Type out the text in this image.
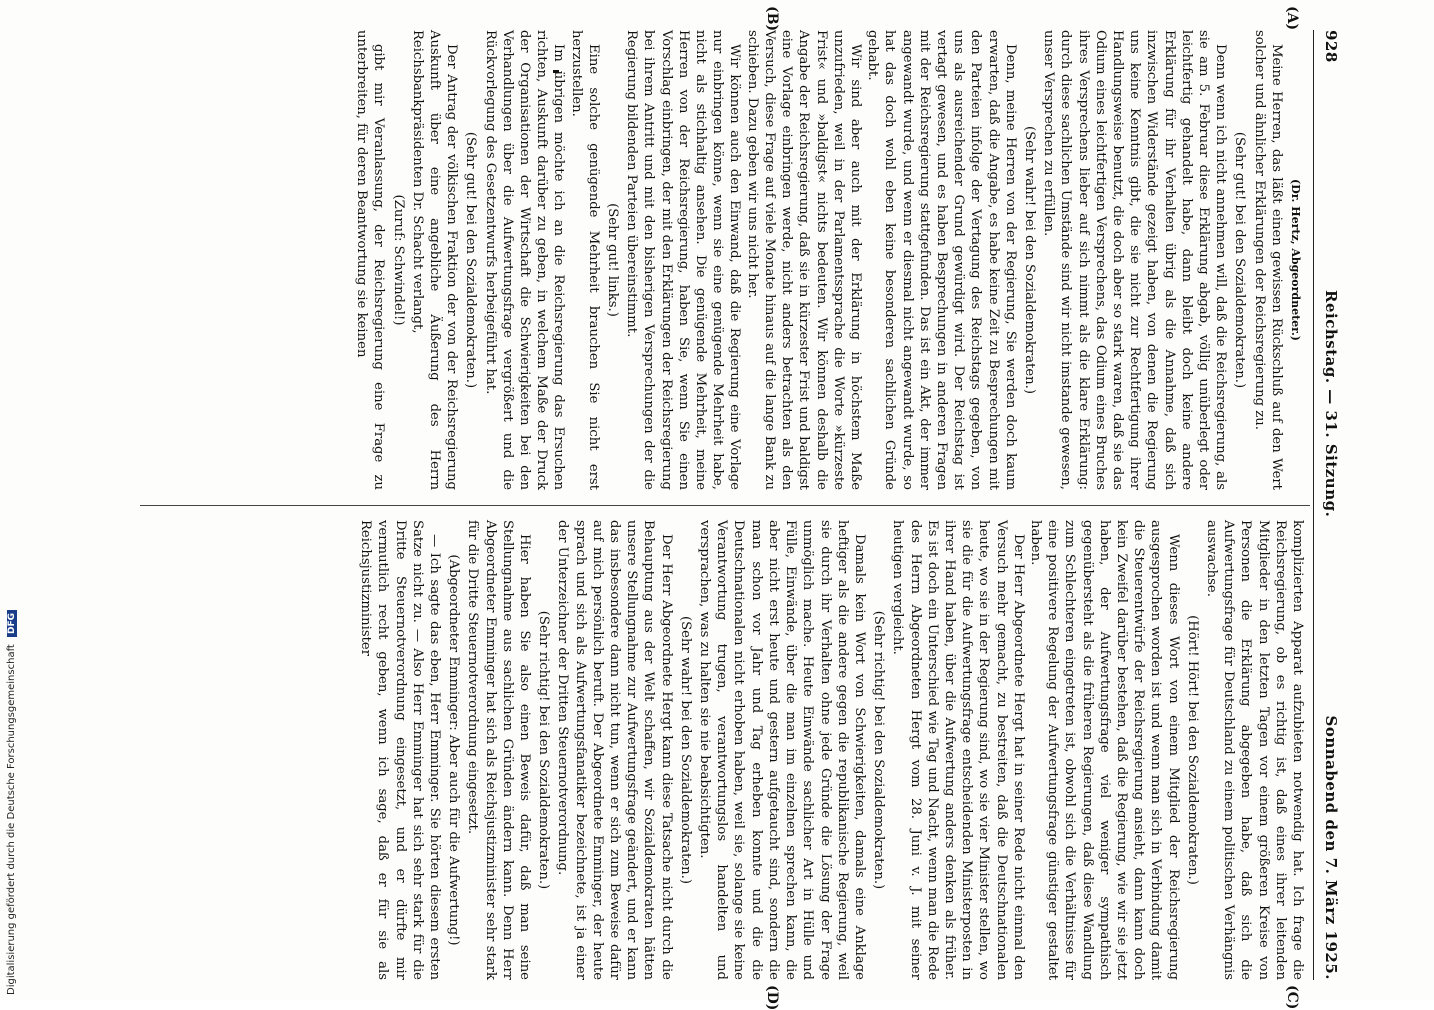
928
Reichstag. — 31. Sitzung.
Sonnabend den 7. März 1925.
(A)
(B)
(C)
(D)

(Dr. Hertz, Abgeordneter.)

Meine Herren, das läßt einen gewissen Rückschluß auf den Wert solcher und ähnlicher Erklärungen der Reichsregierung zu.

(Sehr gut! bei den Sozialdemokraten.)

Denn wenn ich nicht annehmen will, daß die Reichsregierung, als sie am 5. Februar diese Erklärung abgab, völlig unüberlegt oder leichtfertig gehandelt habe, dann bleibt doch keine andere Erklärung für ihr Verhalten übrig als die Annahme, daß sich inzwischen Widerstände gezeigt haben, von denen die Regierung uns keine Kenntnis gibt, die sie nicht zur Rechtfertigung ihrer Handlungsweise benutzt, die doch aber so stark waren, daß sie das Odium eines leichtfertigen Versprechens, das Odium eines Bruches ihres Versprechens lieber auf sich nimmt als die klare Erklärung: durch diese sachlichen Umstände sind wir nicht imstande gewesen, unser Versprechen zu erfüllen.

(Sehr wahr! bei den Sozialdemokraten.)

Denn, meine Herren von der Regierung, Sie werden doch kaum erwarten, daß die Angabe, es habe keine Zeit zu Besprechungen mit den Parteien infolge der Vertagung des Reichstags gegeben, von uns als ausreichender Grund gewürdigt wird. Der Reichstag ist vertagt gewesen, und es haben Besprechungen in anderen Fragen mit der Reichsregierung stattgefunden. Das ist ein Akt, der immer angewandt wurde, und wenn er diesmal nicht angewandt wurde, so hat das doch wohl eben keine besonderen sachlichen Gründe gehabt.

Wir sind aber auch mit der Erklärung in höchstem Maße unzufrieden, weil in der Parlamentssprache die Worte »kürzeste Frist« und »baldigst« nichts bedeuten. Wir können deshalb die Angabe der Reichsregierung, daß sie in kürzester Frist und baldigst eine Vorlage einbringen werde, nicht anders betrachten als den Versuch, diese Frage auf viele Monate hinaus auf die lange Bank zu schieben. Dazu geben wir uns nicht her.

Wir können auch den Einwand, daß die Regierung eine Vorlage nur einbringen könne, wenn sie eine genügende Mehrheit habe, nicht als stichhaltig ansehen. Die genügende Mehrheit, meine Herren von der Reichsregierung, haben Sie, wenn Sie einen Vorschlag einbringen, der mit den Erklärungen der Reichsregierung bei ihrem Antritt und mit den bisherigen Versprechungen der die Regierung bildenden Parteien übereinstimmt.

(Sehr gut! links.)

Eine solche genügende Mehrheit brauchen Sie nicht erst herzustellen.

Im übrigen möchte ich an die Reichsregierung das Ersuchen richten, Auskunft darüber zu geben, in welchem Maße der Druck der Organisationen der Wirtschaft die Schwierigkeiten bei den Verhandlungen über die Aufwertungsfrage vergrößert und die Rückvorlegung des Gesetzentwurfs herbeigeführt hat.

(Sehr gut! bei den Sozialdemokraten.)

Der Antrag der völkischen Fraktion der von der Reichsregierung Auskunft über eine angebliche Äußerung des Herrn Reichsbankpräsidenten Dr. Schacht verlangt,

(Zuruf: Schwindel!)

gibt mir Veranlassung, der Reichsregierung eine Frage zu unterbreiten, für deren Beantwortung sie keinen

komplizierten Apparat aufzubieten notwendig hat. Ich frage die Reichsregierung, ob es richtig ist, daß eines ihrer leitenden Mitglieder in den letzten Tagen vor einem größeren Kreise von Personen die Erklärung abgegeben habe, daß sich die Aufwertungsfrage für Deutschland zu einem politischen Verhängnis auswachse.

(Hört! Hört! bei den Sozialdemokraten.)

Wenn dieses Wort von einem Mitglied der Reichsregierung ausgesprochen worden ist und wenn man sich in Verbindung damit die Steuerentwürfe der Reichsregierung ansieht, dann kann doch kein Zweifel darüber bestehen, daß die Regierung, wie wir sie jetzt haben, der Aufwertungsfrage viel weniger sympathisch gegenübersteht als die früheren Regierungen, daß diese Wandlung zum Schlechteren eingetreten ist, obwohl sich die Verhältnisse für eine positivere Regelung der Aufwertungsfrage günstiger gestaltet haben.

Der Herr Abgeordnete Hergt hat in seiner Rede nicht einmal den Versuch mehr gemacht, zu bestreiten, daß die Deutschnationalen heute, wo sie in der Regierung sind, wo sie vier Minister stellen, wo sie die für die Aufwertungsfrage entscheidenden Ministerposten in ihrer Hand haben, über die Aufwertung anders denken als früher. Es ist doch ein Unterschied wie Tag und Nacht, wenn man die Rede des Herrn Abgeordneten Hergt vom 28. Juni v. J. mit seiner heutigen vergleicht.

(Sehr richtig! bei den Sozialdemokraten.)

Damals kein Wort von Schwierigkeiten, damals eine Anklage heftiger als die andere gegen die republikanische Regierung, weil sie durch ihr Verhalten ohne jede Gründe die Lösung der Frage unmöglich mache. Heute Einwände sachlicher Art in Hülle und Fülle, Einwände, über die man im einzelnen sprechen kann, die aber nicht erst heute und gestern aufgetaucht sind, sondern die man schon vor Jahr und Tag erheben konnte und die die Deutschnationalen nicht erhoben haben, weil sie, solange sie keine Verantwortung trugen, verantwortungslos handelten und versprachen, was zu halten sie nie beabsichtigten.

(Sehr wahr! bei den Sozialdemokraten.)

Der Herr Abgeordnete Hergt kann diese Tatsache nicht durch die Behauptung aus der Welt schaffen, wir Sozialdemokraten hätten unsere Stellungnahme zur Aufwertungsfrage geändert, und er kann das insbesondere dann nicht tun, wenn er sich zum Beweise dafür auf mich persönlich beruft. Der Abgeordnete Emminger, der heute sprach und sich als Aufwertungsfanatiker bezeichnete, ist ja einer der Unterzeichner der Dritten Steuernotverordnung.

(Sehr richtig! bei den Sozialdemokraten.)

Hier haben Sie also einen Beweis dafür, daß man seine Stellungnahme aus sachlichen Gründen ändern kann. Denn Herr Abgeordneter Emminger hat sich als Reichsjustizminister sehr stark für die Dritte Steuernotverordnung eingesetzt.

(Abgeordneter Emminger: Aber auch für die Aufwertung!)

— Ich sagte das eben, Herr Emminger. Sie hörten diesem ersten Satze nicht zu. — Also Herr Emminger hat sich sehr stark für die Dritte Steuernotverordnung eingesetzt, und er dürfte mir vermutlich recht geben, wenn ich sage, daß er für sie als Reichsjustizminister

Digitalisierung gefördert durch die Deutsche Forschungsgemeinschaft DFG
